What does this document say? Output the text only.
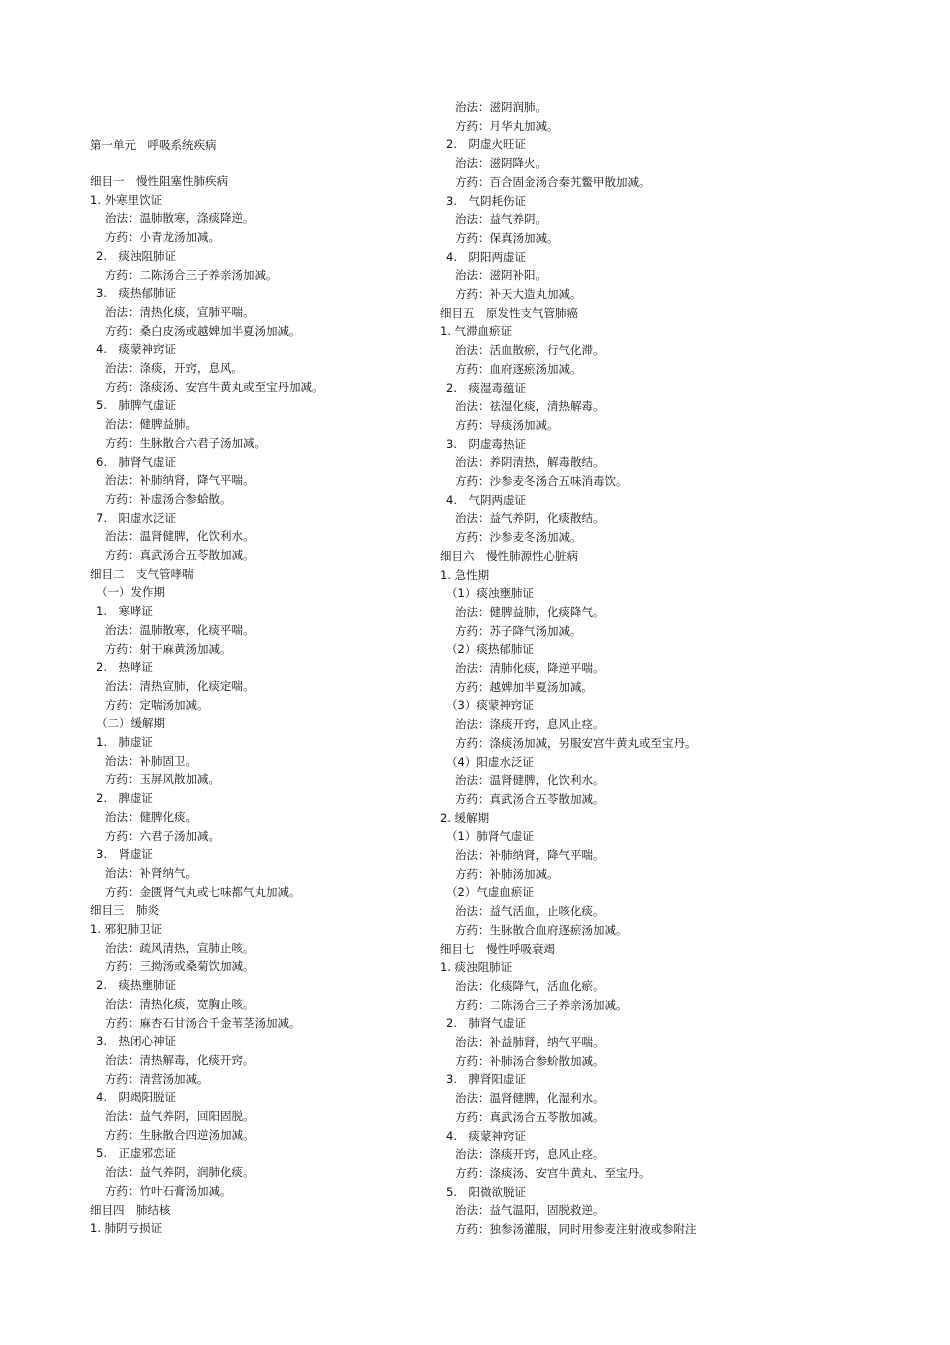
第一单元　呼吸系统疾病
细目一　慢性阻塞性肺疾病
1. 外寒里饮证
治法：温肺散寒，涤痰降逆。
方药：小青龙汤加减。
2.　痰浊阻肺证
方药：二陈汤合三子养亲汤加减。
3.　痰热郁肺证
治法：清热化痰，宣肺平喘。
方药：桑白皮汤或越婢加半夏汤加减。
4.　痰蒙神窍证
治法：涤痰，开窍，息风。
方药：涤痰汤、安宫牛黄丸或至宝丹加减。
5.　肺脾气虚证
治法：健脾益肺。
方药：生脉散合六君子汤加减。
6.　肺肾气虚证
治法：补肺纳肾，降气平喘。
方药：补虚汤合参蛤散。
7.　阳虚水泛证
治法：温肾健脾，化饮利水。
方药：真武汤合五苓散加减。
细目二　支气管哮喘
（一）发作期
1.　寒哮证
治法：温肺散寒，化痰平喘。
方药：射干麻黄汤加减。
2.　热哮证
治法：清热宣肺，化痰定喘。
方药：定喘汤加减。
（二）缓解期
1.　肺虚证
治法：补肺固卫。
方药：玉屏风散加减。
2.　脾虚证
治法：健脾化痰。
方药：六君子汤加减。
3.　肾虚证
治法：补肾纳气。
方药：金匮肾气丸或七味都气丸加减。
细目三　肺炎
1. 邪犯肺卫证
治法：疏风清热，宣肺止咳。
方药：三拗汤或桑菊饮加减。
2.　痰热壅肺证
治法：清热化痰，宽胸止咳。
方药：麻杏石甘汤合千金苇茎汤加减。
3.　热闭心神证
治法：清热解毒，化痰开窍。
方药：清营汤加减。
4.　阴竭阳脱证
治法：益气养阴，回阳固脱。
方药：生脉散合四逆汤加减。
5.　正虚邪恋证
治法：益气养阴，润肺化痰。
方药：竹叶石膏汤加减。
细目四　肺结核
1. 肺阴亏损证
治法：滋阴润肺。
方药：月华丸加减。
2.　阴虚火旺证
治法：滋阴降火。
方药：百合固金汤合秦艽鳖甲散加减。
3.　气阴耗伤证
治法：益气养阴。
方药：保真汤加减。
4.　阴阳两虚证
治法：滋阴补阳。
方药：补天大造丸加减。
细目五　原发性支气管肺癌
1. 气滞血瘀证
治法：活血散瘀，行气化滞。
方药：血府逐瘀汤加减。
2.　痰湿毒蕴证
治法：祛湿化痰，清热解毒。
方药：导痰汤加减。
3.　阴虚毒热证
治法：养阴清热，解毒散结。
方药：沙参麦冬汤合五味消毒饮。
4.　气阴两虚证
治法：益气养阴，化痰散结。
方药：沙参麦冬汤加减。
细目六　慢性肺源性心脏病
1. 急性期
（1）痰浊壅肺证
治法：健脾益肺，化痰降气。
方药：苏子降气汤加减。
（2）痰热郁肺证
治法：清肺化痰，降逆平喘。
方药：越婢加半夏汤加减。
（3）痰蒙神窍证
治法：涤痰开窍，息风止痉。
方药：涤痰汤加减，另服安宫牛黄丸或至宝丹。
（4）阳虚水泛证
治法：温肾健脾，化饮利水。
方药：真武汤合五苓散加减。
2. 缓解期
（1）肺肾气虚证
治法：补肺纳肾，降气平喘。
方药：补肺汤加减。
（2）气虚血瘀证
治法：益气活血，止咳化痰。
方药：生脉散合血府逐瘀汤加减。
细目七　慢性呼吸衰竭
1. 痰浊阻肺证
治法：化痰降气，活血化瘀。
方药：二陈汤合三子养亲汤加减。
2.　肺肾气虚证
治法：补益肺肾，纳气平喘。
方药：补肺汤合参蚧散加减。
3.　脾肾阳虚证
治法：温肾健脾，化湿利水。
方药：真武汤合五苓散加减。
4.　痰蒙神窍证
治法：涤痰开窍，息风止痉。
方药：涤痰汤、安宫牛黄丸、至宝丹。
5.　阳微欲脱证
治法：益气温阳，固脱救逆。
方药：独参汤灌服，同时用参麦注射液或参附注
